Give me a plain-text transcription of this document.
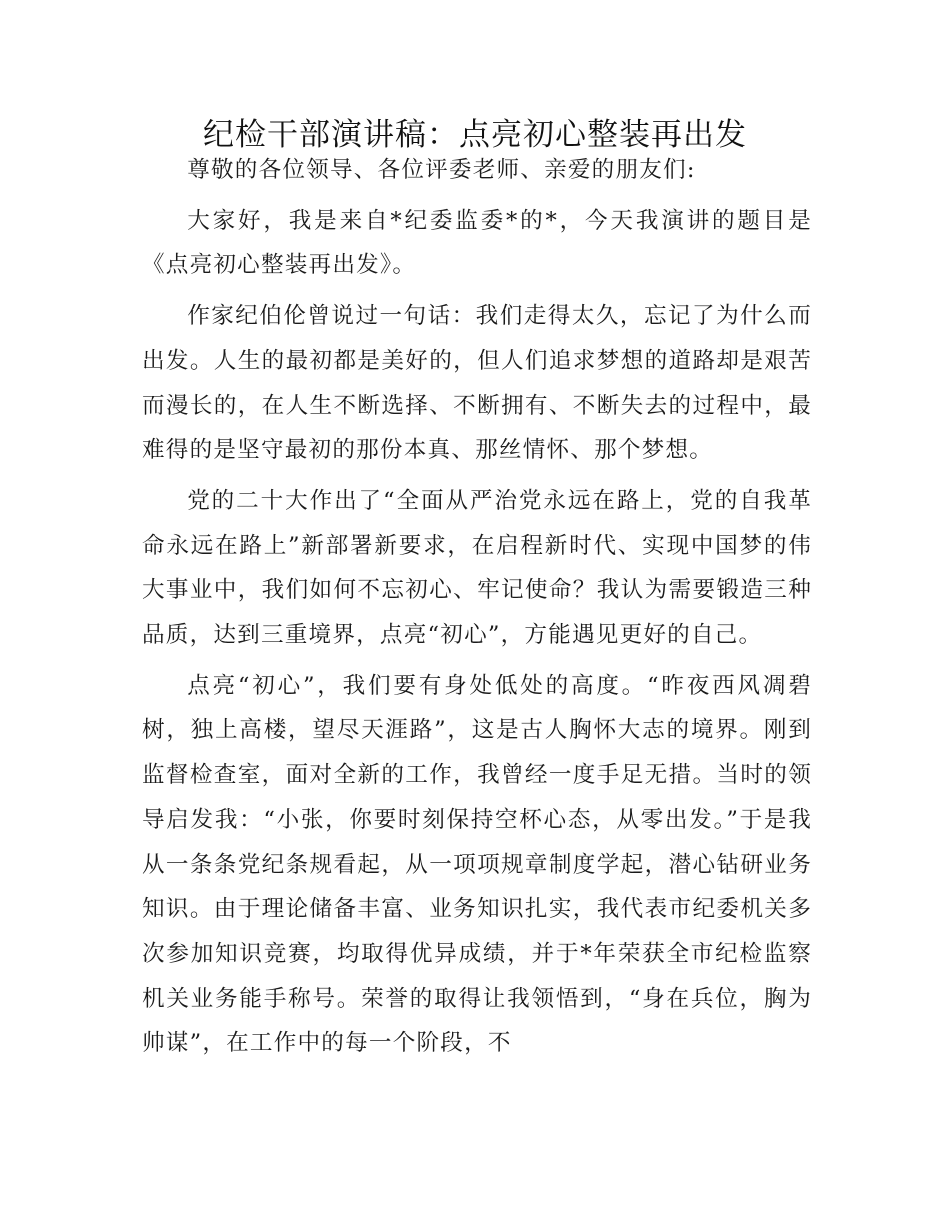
纪检干部演讲稿：点亮初心整装再出发

尊敬的各位领导、各位评委老师、亲爱的朋友们:

大家好，我是来自*纪委监委*的*，今天我演讲的题目是《点亮初心整装再出发》。

作家纪伯伦曾说过一句话：我们走得太久，忘记了为什么而出发。人生的最初都是美好的，但人们追求梦想的道路却是艰苦而漫长的，在人生不断选择、不断拥有、不断失去的过程中，最难得的是坚守最初的那份本真、那丝情怀、那个梦想。

党的二十大作出了“全面从严治党永远在路上，党的自我革命永远在路上”新部署新要求，在启程新时代、实现中国梦的伟大事业中，我们如何不忘初心、牢记使命？我认为需要锻造三种品质，达到三重境界，点亮“初心”，方能遇见更好的自己。

点亮“初心”，我们要有身处低处的高度。“昨夜西风凋碧树，独上高楼，望尽天涯路”，这是古人胸怀大志的境界。刚到监督检查室，面对全新的工作，我曾经一度手足无措。当时的领导启发我：“小张，你要时刻保持空杯心态，从零出发。”于是我从一条条党纪条规看起，从一项项规章制度学起，潜心钻研业务知识。由于理论储备丰富、业务知识扎实，我代表市纪委机关多次参加知识竞赛，均取得优异成绩，并于*年荣获全市纪检监察机关业务能手称号。荣誉的取得让我领悟到，“身在兵位，胸为帅谋”，在工作中的每一个阶段，不
